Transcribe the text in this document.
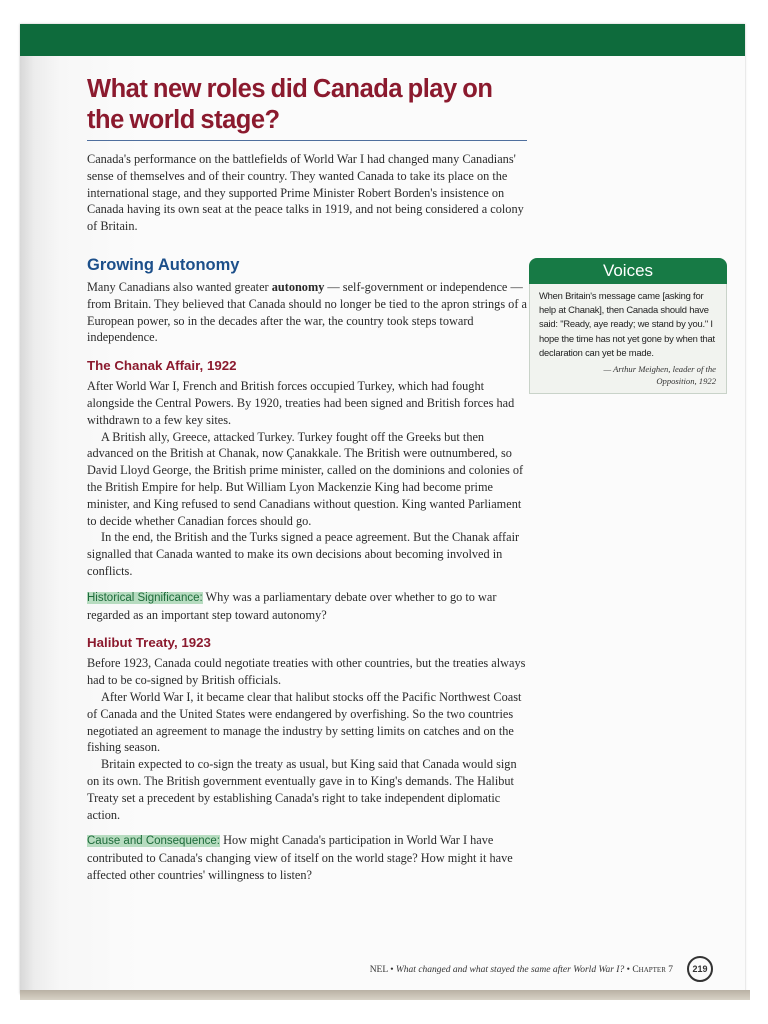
What new roles did Canada play on the world stage?

Canada's performance on the battlefields of World War I had changed many Canadians' sense of themselves and of their country. They wanted Canada to take its place on the international stage, and they supported Prime Minister Robert Borden's insistence on Canada having its own seat at the peace talks in 1919, and not being considered a colony of Britain.

Growing Autonomy

Many Canadians also wanted greater autonomy — self-government or independence — from Britain. They believed that Canada should no longer be tied to the apron strings of a European power, so in the decades after the war, the country took steps toward independence.

The Chanak Affair, 1922

After World War I, French and British forces occupied Turkey, which had fought alongside the Central Powers. By 1920, treaties had been signed and British forces had withdrawn to a few key sites.

A British ally, Greece, attacked Turkey. Turkey fought off the Greeks but then advanced on the British at Chanak, now Çanakkale. The British were outnumbered, so David Lloyd George, the British prime minister, called on the dominions and colonies of the British Empire for help. But William Lyon Mackenzie King had become prime minister, and King refused to send Canadians without question. King wanted Parliament to decide whether Canadian forces should go.

In the end, the British and the Turks signed a peace agreement. But the Chanak affair signalled that Canada wanted to make its own decisions about becoming involved in conflicts.

Historical Significance: Why was a parliamentary debate over whether to go to war regarded as an important step toward autonomy?

Halibut Treaty, 1923

Before 1923, Canada could negotiate treaties with other countries, but the treaties always had to be co-signed by British officials.

After World War I, it became clear that halibut stocks off the Pacific Northwest Coast of Canada and the United States were endangered by overfishing. So the two countries negotiated an agreement to manage the industry by setting limits on catches and on the fishing season.

Britain expected to co-sign the treaty as usual, but King said that Canada would sign on its own. The British government eventually gave in to King's demands. The Halibut Treaty set a precedent by establishing Canada's right to take independent diplomatic action.

Cause and Consequence: How might Canada's participation in World War I have contributed to Canada's changing view of itself on the world stage? How might it have affected other countries' willingness to listen?

Voices
When Britain's message came [asking for help at Chanak], then Canada should have said: "Ready, aye ready; we stand by you." I hope the time has not yet gone by when that declaration can yet be made.
— Arthur Meighen, leader of the
Opposition, 1922
NEL • What changed and what stayed the same after World War I? • Chapter 7	219
